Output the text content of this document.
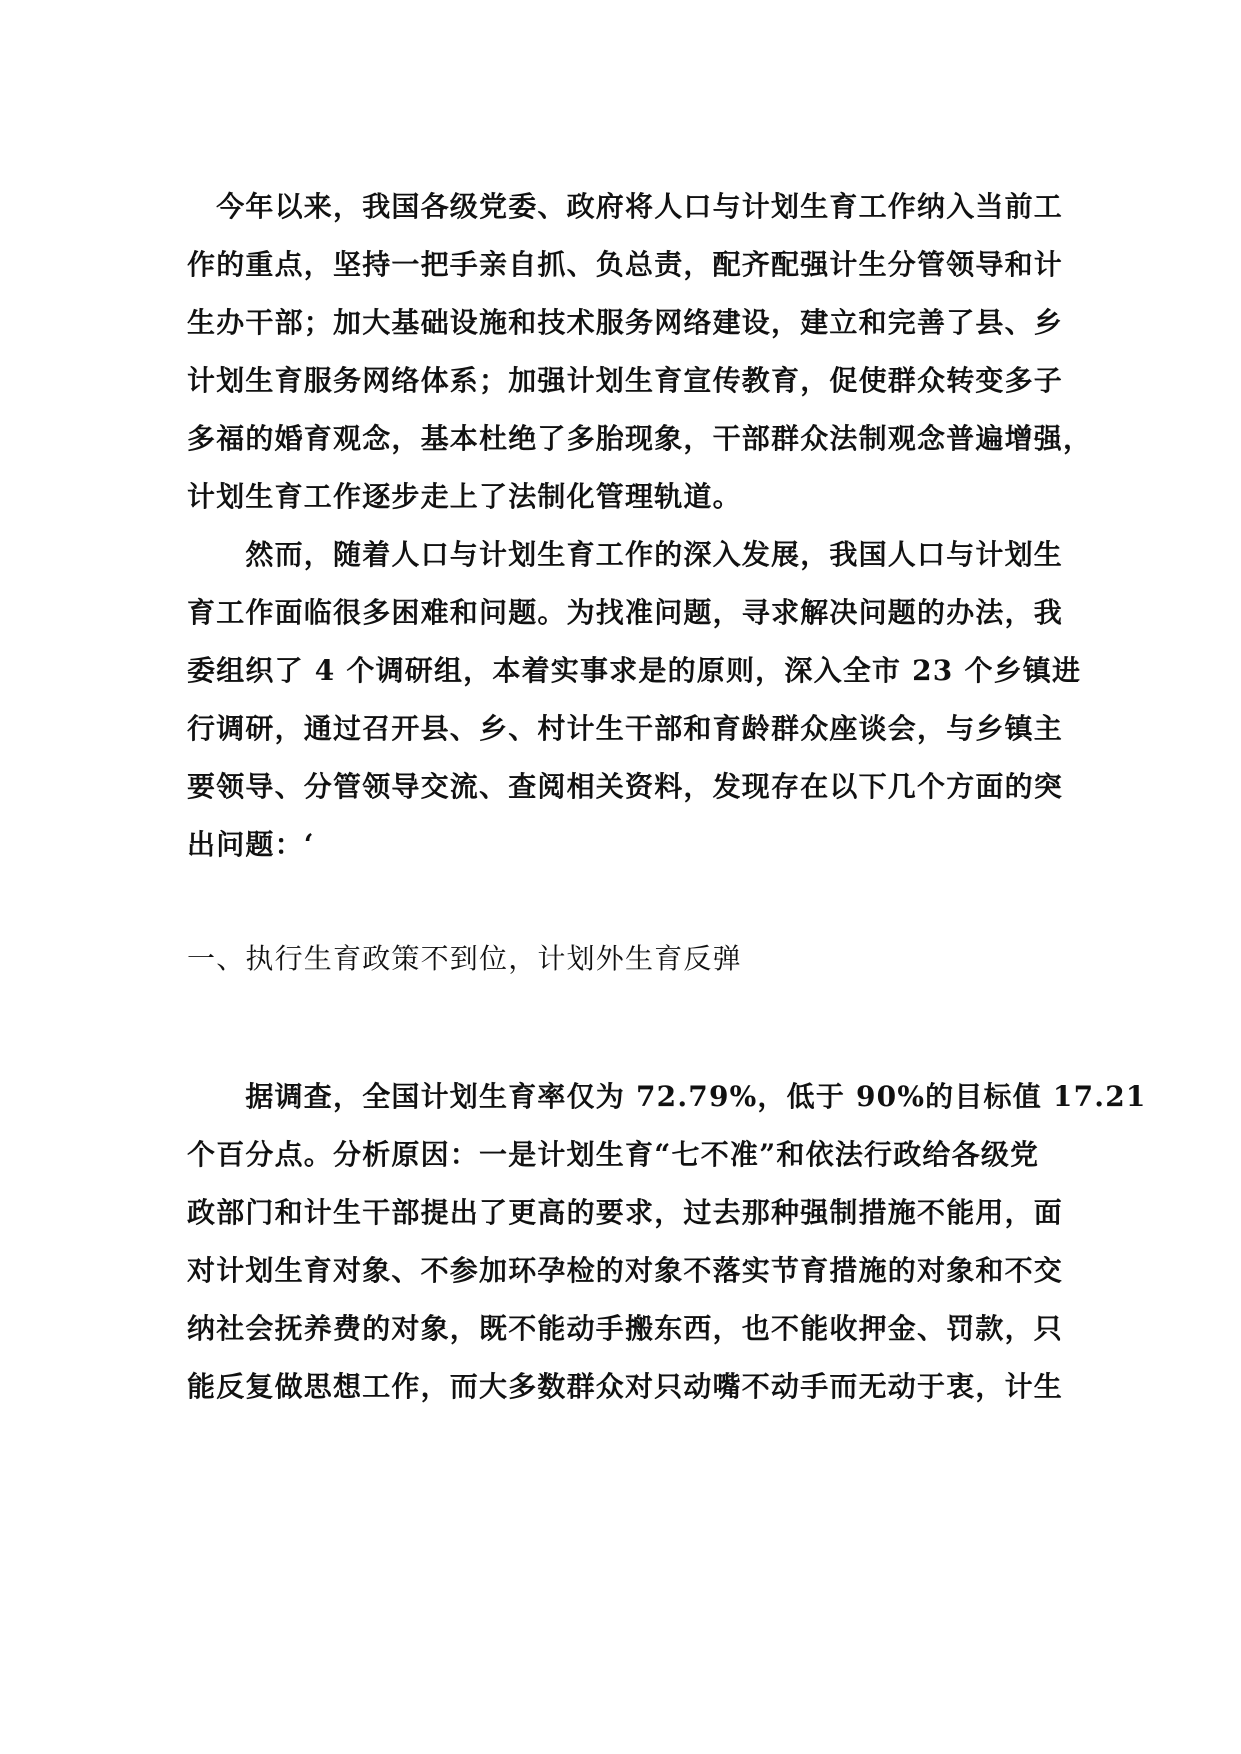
　今年以来，我国各级党委、政府将人口与计划生育工作纳入当前工
作的重点，坚持一把手亲自抓、负总责，配齐配强计生分管领导和计
生办干部；加大基础设施和技术服务网络建设，建立和完善了县、乡
计划生育服务网络体系；加强计划生育宣传教育，促使群众转变多子
多福的婚育观念，基本杜绝了多胎现象，干部群众法制观念普遍增强，
计划生育工作逐步走上了法制化管理轨道。
　　然而，随着人口与计划生育工作的深入发展，我国人口与计划生
育工作面临很多困难和问题。为找准问题，寻求解决问题的办法，我
委组织了 4 个调研组，本着实事求是的原则，深入全市 23 个乡镇进
行调研，通过召开县、乡、村计生干部和育龄群众座谈会，与乡镇主
要领导、分管领导交流、查阅相关资料，发现存在以下几个方面的突
出问题：‘
一、执行生育政策不到位，计划外生育反弹
　　据调查，全国计划生育率仅为 72.79%，低于 90%的目标值 17.21
个百分点。分析原因：一是计划生育“七不准”和依法行政给各级党
政部门和计生干部提出了更高的要求，过去那种强制措施不能用，面
对计划生育对象、不参加环孕检的对象不落实节育措施的对象和不交
纳社会抚养费的对象，既不能动手搬东西，也不能收押金、罚款，只
能反复做思想工作，而大多数群众对只动嘴不动手而无动于衷，计生
